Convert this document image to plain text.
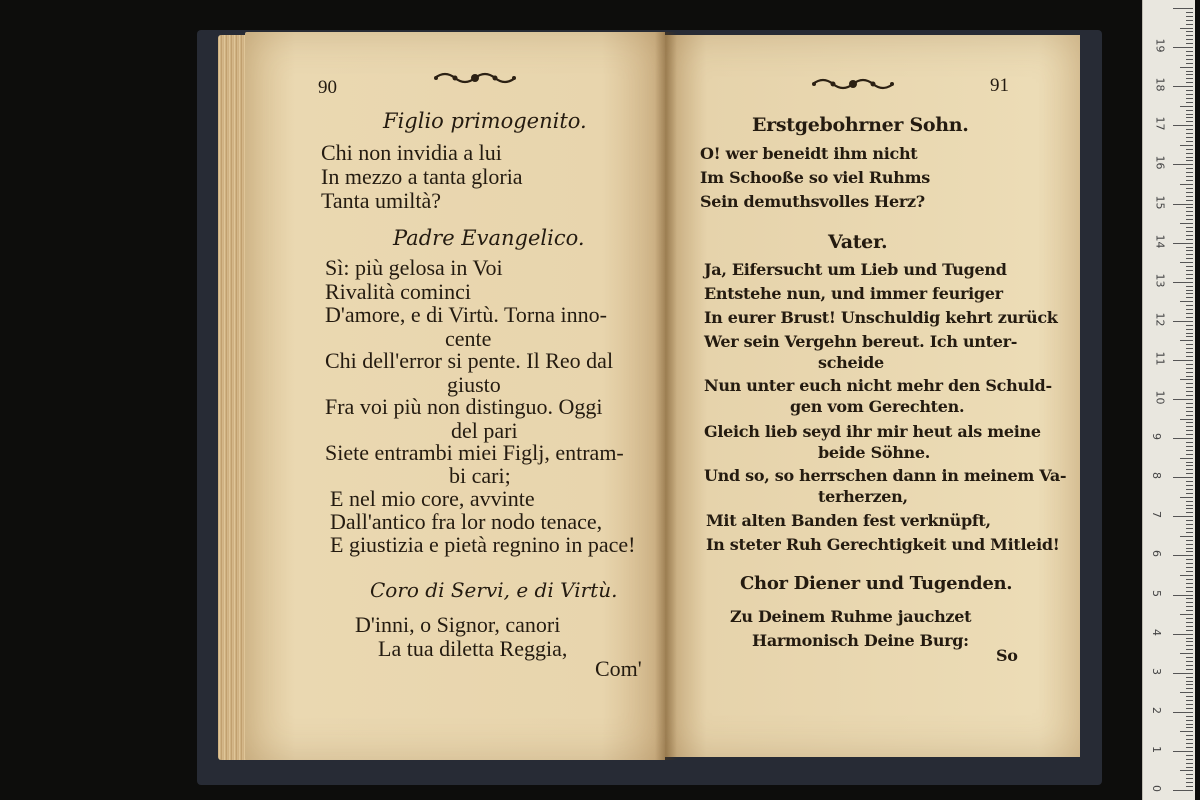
90
Figlio primogenito.
Chi non invidia a lui
In mezzo a tanta gloria
Tanta umiltà?
Padre Evangelico.
Sì: più gelosa in Voi
Rivalità cominci
D'amore, e di Virtù. Torna inno-
cente
Chi dell'error si pente. Il Reo dal
giusto
Fra voi più non distinguo. Oggi
del pari
Siete entrambi miei Figlj, entram-
bi cari;
E nel mio core, avvinte
Dall'antico fra lor nodo tenace,
E giustizia e pietà regnino in pace!
Coro di Servi, e di Virtù.
D'inni, o Signor, canori
La tua diletta Reggia,
Com'
91
Erstgebohrner Sohn.
O! wer beneidt ihm nicht
Im Schooße so viel Ruhms
Sein demuthsvolles Herz?
Vater.
Ja, Eifersucht um Lieb und Tugend
Entstehe nun, und immer feuriger
In eurer Brust! Unschuldig kehrt zurück
Wer sein Vergehn bereut. Ich unter-
scheide
Nun unter euch nicht mehr den Schuld-
gen vom Gerechten.
Gleich lieb seyd ihr mir heut als meine
beide Söhne.
Und so, so herrschen dann in meinem Va-
terherzen,
Mit alten Banden fest verknüpft,
In steter Ruh Gerechtigkeit und Mitleid!
Chor Diener und Tugenden.
Zu Deinem Ruhme jauchzet
Harmonisch Deine Burg:
So
0
1
2
3
4
5
6
7
8
9
10
11
12
13
14
15
16
17
18
19
